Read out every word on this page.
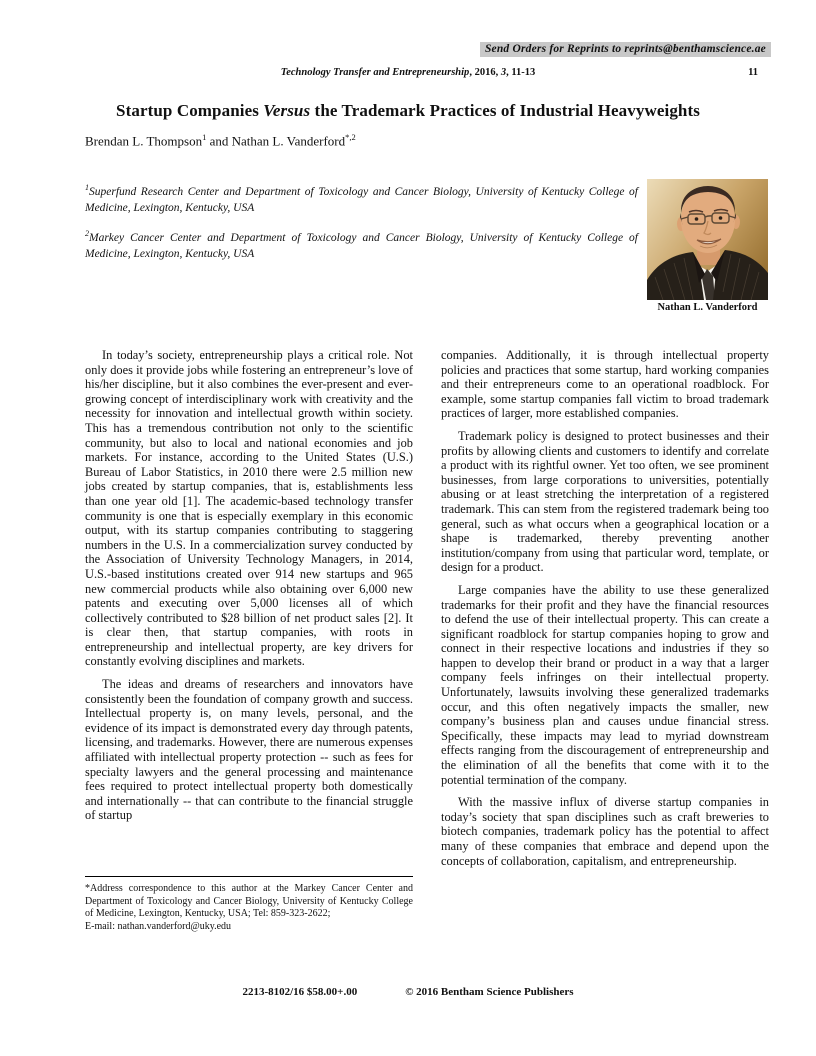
Send Orders for Reprints to reprints@benthamscience.ae
Technology Transfer and Entrepreneurship, 2016, 3, 11-13	11
Startup Companies Versus the Trademark Practices of Industrial Heavyweights
Brendan L. Thompson$^1$ and Nathan L. Vanderford$^{*,2}$

$^1$Superfund Research Center and Department of Toxicology and Cancer Biology, University of Kentucky College of Medicine, Lexington, Kentucky, USA

$^2$Markey Cancer Center and Department of Toxicology and Cancer Biology, University of Kentucky College of Medicine, Lexington, Kentucky, USA

Nathan L. Vanderford

In today’s society, entrepreneurship plays a critical role. Not only does it provide jobs while fostering an entrepreneur’s love of his/her discipline, but it also combines the ever-present and ever-growing concept of interdisciplinary work with creativity and the necessity for innovation and intellectual growth within society. This has a tremendous contribution not only to the scientific community, but also to local and national economies and job markets. For instance, according to the United States (U.S.) Bureau of Labor Statistics, in 2010 there were 2.5 million new jobs created by startup companies, that is, establishments less than one year old [1]. The academic-based technology transfer community is one that is especially exemplary in this economic output, with its startup companies contributing to staggering numbers in the U.S. In a commercialization survey conducted by the Association of University Technology Managers, in 2014, U.S.-based institutions created over 914 new startups and 965 new commercial products while also obtaining over 6,000 new patents and executing over 5,000 licenses all of which collectively contributed to $28 billion of net product sales [2]. It is clear then, that startup companies, with roots in entrepreneurship and intellectual property, are key drivers for constantly evolving disciplines and markets.

The ideas and dreams of researchers and innovators have consistently been the foundation of company growth and success. Intellectual property is, on many levels, personal, and the evidence of its impact is demonstrated every day through patents, licensing, and trademarks. However, there are numerous expenses affiliated with intellectual property protection -- such as fees for specialty lawyers and the general processing and maintenance fees required to protect intellectual property both domestically and internationally -- that can contribute to the financial struggle of startup

companies. Additionally, it is through intellectual property policies and practices that some startup, hard working companies and their entrepreneurs come to an operational roadblock. For example, some startup companies fall victim to broad trademark practices of larger, more established companies.

Trademark policy is designed to protect businesses and their profits by allowing clients and customers to identify and correlate a product with its rightful owner. Yet too often, we see prominent businesses, from large corporations to universities, potentially abusing or at least stretching the interpretation of a registered trademark. This can stem from the registered trademark being too general, such as what occurs when a geographical location or a shape is trademarked, thereby preventing another institution/company from using that particular word, template, or design for a product.

Large companies have the ability to use these generalized trademarks for their profit and they have the financial resources to defend the use of their intellectual property. This can create a significant roadblock for startup companies hoping to grow and connect in their respective locations and industries if they so happen to develop their brand or product in a way that a larger company feels infringes on their intellectual property. Unfortunately, lawsuits involving these generalized trademarks occur, and this often negatively impacts the smaller, new company’s business plan and causes undue financial stress. Specifically, these impacts may lead to myriad downstream effects ranging from the discouragement of entrepreneurship and the elimination of all the benefits that come with it to the potential termination of the company.

With the massive influx of diverse startup companies in today’s society that span disciplines such as craft breweries to biotech companies, trademark policy has the potential to affect many of these companies that embrace and depend upon the concepts of collaboration, capitalism, and entrepreneurship.

*Address correspondence to this author at the Markey Cancer Center and Department of Toxicology and Cancer Biology, University of Kentucky College of Medicine, Lexington, Kentucky, USA; Tel: 859-323-2622;
E-mail: nathan.vanderford@uky.edu
2213-8102/16 $58.00+.00	© 2016 Bentham Science Publishers
